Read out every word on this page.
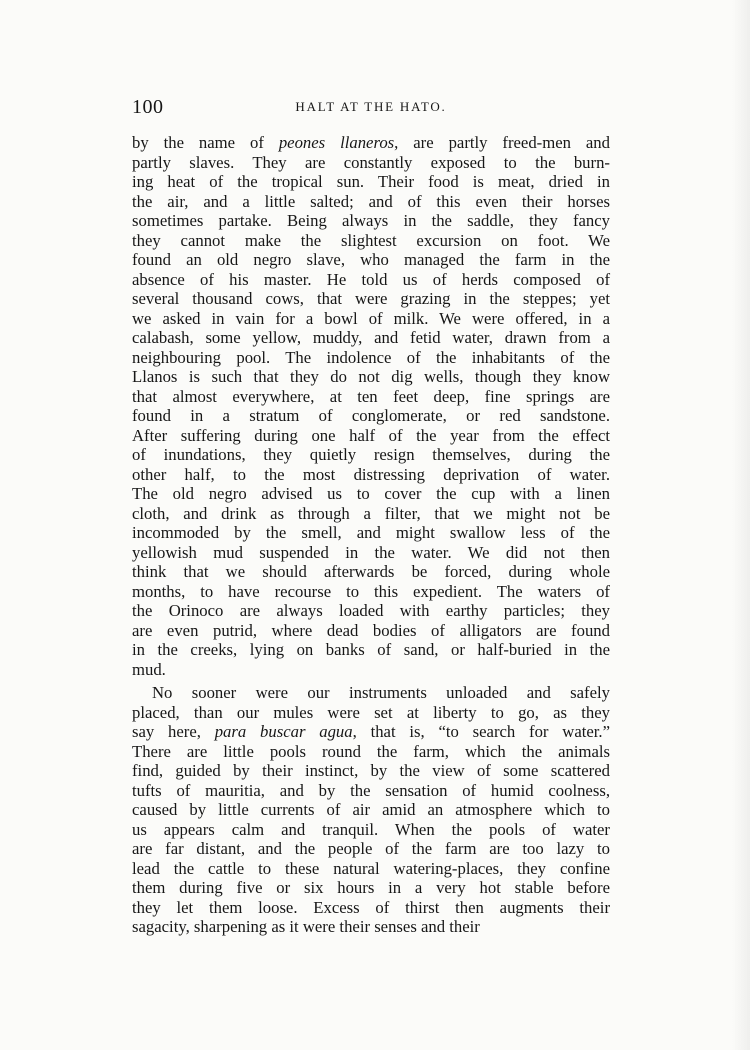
100	HALT AT THE HATO.
by the name of peones llaneros, are partly freed-men and
partly slaves. They are constantly exposed to the burn-
ing heat of the tropical sun. Their food is meat, dried in
the air, and a little salted; and of this even their horses
sometimes partake. Being always in the saddle, they fancy
they cannot make the slightest excursion on foot. We
found an old negro slave, who managed the farm in the
absence of his master. He told us of herds composed of
several thousand cows, that were grazing in the steppes; yet
we asked in vain for a bowl of milk. We were offered, in a
calabash, some yellow, muddy, and fetid water, drawn from a
neighbouring pool. The indolence of the inhabitants of the
Llanos is such that they do not dig wells, though they know
that almost everywhere, at ten feet deep, fine springs are
found in a stratum of conglomerate, or red sandstone.
After suffering during one half of the year from the effect
of inundations, they quietly resign themselves, during the
other half, to the most distressing deprivation of water.
The old negro advised us to cover the cup with a linen
cloth, and drink as through a filter, that we might not be
incommoded by the smell, and might swallow less of the
yellowish mud suspended in the water. We did not then
think that we should afterwards be forced, during whole
months, to have recourse to this expedient. The waters of
the Orinoco are always loaded with earthy particles; they
are even putrid, where dead bodies of alligators are found
in the creeks, lying on banks of sand, or half-buried in the
mud.
No sooner were our instruments unloaded and safely
placed, than our mules were set at liberty to go, as they
say here, para buscar agua, that is, “to search for water.”
There are little pools round the farm, which the animals
find, guided by their instinct, by the view of some scattered
tufts of mauritia, and by the sensation of humid coolness,
caused by little currents of air amid an atmosphere which to
us appears calm and tranquil. When the pools of water
are far distant, and the people of the farm are too lazy to
lead the cattle to these natural watering-places, they confine
them during five or six hours in a very hot stable before
they let them loose. Excess of thirst then augments their
sagacity, sharpening as it were their senses and their
